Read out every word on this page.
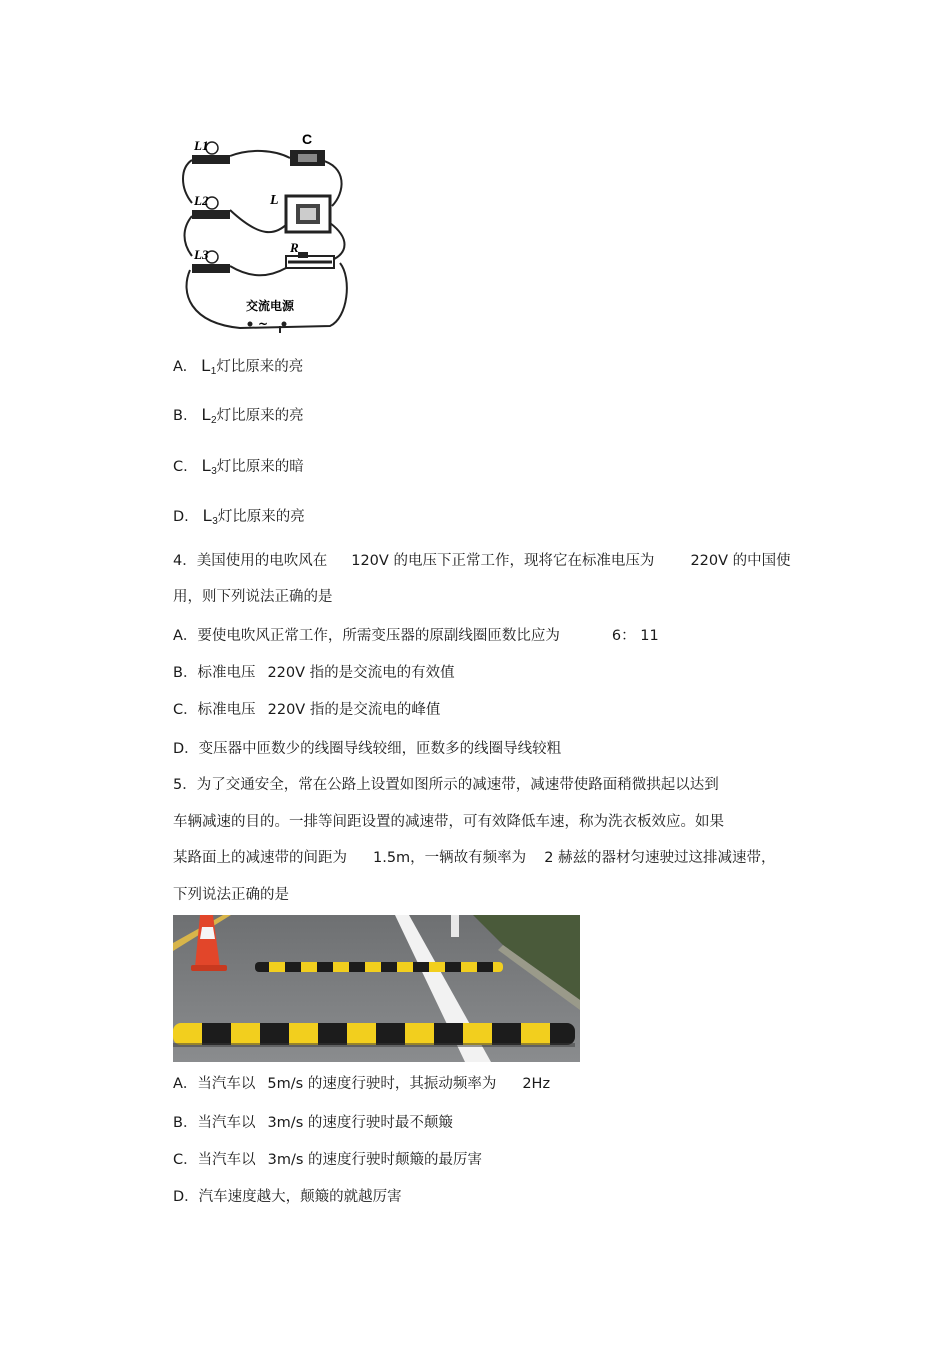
L1
L2
L3
C
L
R
交流电源
~
A. $L_1$灯比原来的亮
B. $L_2$灯比原来的亮
C. $L_3$灯比原来的暗
D. $L_3$灯比原来的亮
4．美国使用的电吹风在 120V 的电压下正常工作，现将它在标准电压为 220V 的中国使
用，则下列说法正确的是
A．要使电吹风正常工作，所需变压器的原副线圈匝数比应为	6： 11
B．标准电压 220V 指的是交流电的有效值
C．标准电压 220V 指的是交流电的峰值
D．变压器中匝数少的线圈导线较细，匝数多的线圈导线较粗
5．为了交通安全，常在公路上设置如图所示的减速带，减速带使路面稍微拱起以达到
车辆减速的目的。一排等间距设置的减速带，可有效降低车速，称为洗衣板效应。如果
某路面上的减速带的间距为 1.5m，一辆故有频率为 2 赫兹的器材匀速驶过这排减速带，
下列说法正确的是
A．当汽车以 5m/s 的速度行驶时，其振动频率为 2Hz
B．当汽车以 3m/s 的速度行驶时最不颠簸
C．当汽车以 3m/s 的速度行驶时颠簸的最厉害
D．汽车速度越大，颠簸的就越厉害
